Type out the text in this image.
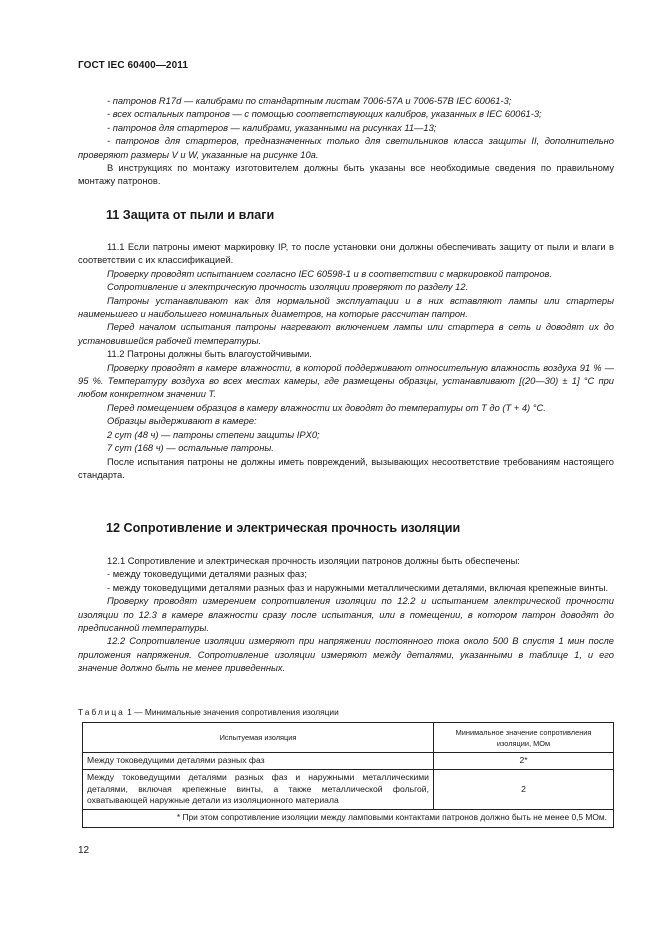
ГОСТ IEC 60400—2011

- патронов R17d — калибрами по стандартным листам 7006-57A и 7006-57B IEC 60061-3;

- всех остальных патронов — с помощью соответствующих калибров, указанных в IEC 60061-3;

- патронов для стартеров — калибрами, указанными на рисунках 11—13;

- патронов для стартеров, предназначенных только для светильников класса защиты II, дополнительно проверяют размеры V и W, указанные на рисунке 10а.

В инструкциях по монтажу изготовителем должны быть указаны все необходимые сведения по правильному монтажу патронов.

11 Защита от пыли и влаги

11.1 Если патроны имеют маркировку IP, то после установки они должны обеспечивать защиту от пыли и влаги в соответствии с их классификацией.

Проверку проводят испытанием согласно IEC 60598-1 и в соответствии с маркировкой патронов.

Сопротивление и электрическую прочность изоляции проверяют по разделу 12.

Патроны устанавливают как для нормальной эксплуатации и в них вставляют лампы или стартеры наименьшего и наибольшего номинальных диаметров, на которые рассчитан патрон.

Перед началом испытания патроны нагревают включением лампы или стартера в сеть и доводят их до установившейся рабочей температуры.

11.2 Патроны должны быть влагоустойчивыми.

Проверку проводят в камере влажности, в которой поддерживают относительную влажность воздуха 91 % — 95 %. Температуру воздуха во всех местах камеры, где размещены образцы, устанавливают [(20—30) ± 1] °С при любом конкретном значении Т.

Перед помещением образцов в камеру влажности их доводят до температуры от Т до (Т + 4) °С.

Образцы выдерживают в камере:

2 сут (48 ч) — патроны степени защиты IPX0;

7 сут (168 ч) — остальные патроны.

После испытания патроны не должны иметь повреждений, вызывающих несоответствие требованиям настоящего стандарта.

12 Сопротивление и электрическая прочность изоляции

12.1 Сопротивление и электрическая прочность изоляции патронов должны быть обеспечены:

- между токоведущими деталями разных фаз;

- между токоведущими деталями разных фаз и наружными металлическими деталями, включая крепежные винты.

Проверку проводят измерением сопротивления изоляции по 12.2 и испытанием электрической прочности изоляции по 12.3 в камере влажности сразу после испытания, или в помещении, в котором патрон доводят до предписанной температуры.

12.2 Сопротивление изоляции измеряют при напряжении постоянного тока около 500 В спустя 1 мин после приложения напряжения. Сопротивление изоляции измеряют между деталями, указанными в таблице 1, и его значение должно быть не менее приведенных.

Таблица 1 — Минимальные значения сопротивления изоляции
Испытуемая изоляция	Минимальное значение сопротивления изоляции, МОм
Между токоведущими деталями разных фаз	2*
Между токоведущими деталями разных фаз и наружными металлическими деталями, включая крепежные винты, а также металлической фольгой, охватывающей наружные детали из изоляционного материала	2
* При этом сопротивление изоляции между ламповыми контактами патронов должно быть не менее 0,5 МОм.	
12
